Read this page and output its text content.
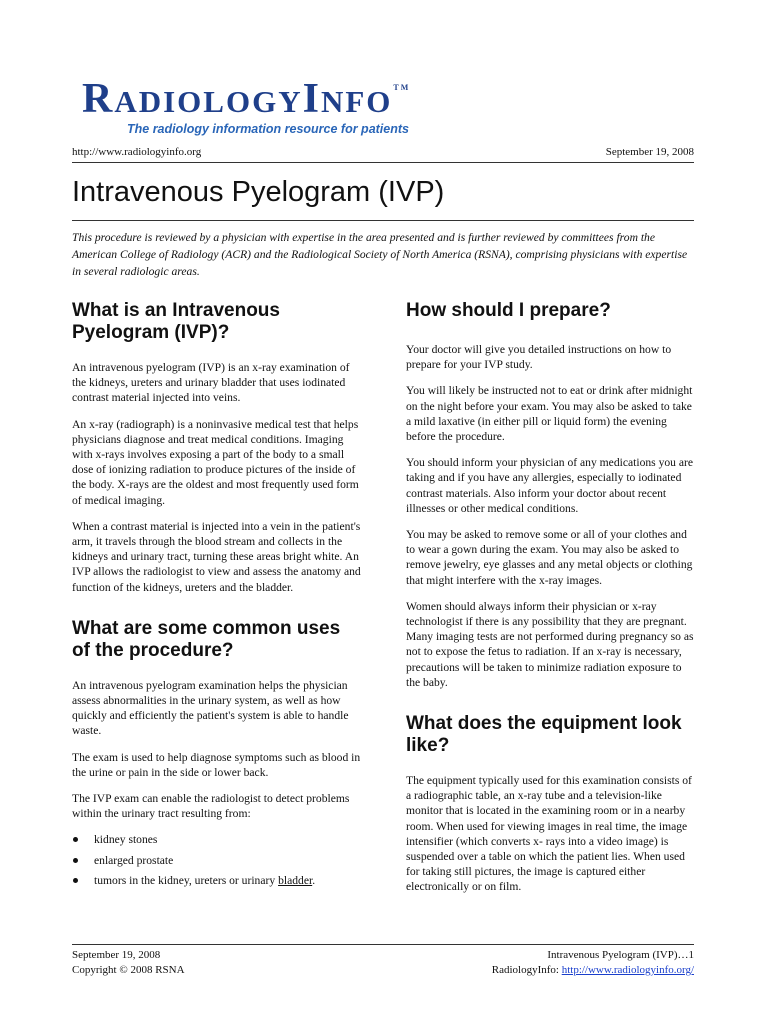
RADIOLOGYINFO™
The radiology information resource for patients
http://www.radiologyinfo.org	September 19, 2008
Intravenous Pyelogram (IVP)

This procedure is reviewed by a physician with expertise in the area presented and is further reviewed by committees from the American College of Radiology (ACR) and the Radiological Society of North America (RSNA), comprising physicians with expertise in several radiologic areas.

What is an Intravenous Pyelogram (IVP)?

An intravenous pyelogram (IVP) is an x-ray examination of the kidneys, ureters and urinary bladder that uses iodinated contrast material injected into veins.

An x-ray (radiograph) is a noninvasive medical test that helps physicians diagnose and treat medical conditions. Imaging with x-rays involves exposing a part of the body to a small dose of ionizing radiation to produce pictures of the inside of the body. X-rays are the oldest and most frequently used form of medical imaging.

When a contrast material is injected into a vein in the patient's arm, it travels through the blood stream and collects in the kidneys and urinary tract, turning these areas bright white. An IVP allows the radiologist to view and assess the anatomy and function of the kidneys, ureters and the bladder.

What are some common uses of the procedure?

An intravenous pyelogram examination helps the physician assess abnormalities in the urinary system, as well as how quickly and efficiently the patient's system is able to handle waste.

The exam is used to help diagnose symptoms such as blood in the urine or pain in the side or lower back.

The IVP exam can enable the radiologist to detect problems within the urinary tract resulting from:

kidney stones
enlarged prostate
tumors in the kidney, ureters or urinary bladder.
How should I prepare?

Your doctor will give you detailed instructions on how to prepare for your IVP study.

You will likely be instructed not to eat or drink after midnight on the night before your exam. You may also be asked to take a mild laxative (in either pill or liquid form) the evening before the procedure.

You should inform your physician of any medications you are taking and if you have any allergies, especially to iodinated contrast materials. Also inform your doctor about recent illnesses or other medical conditions.

You may be asked to remove some or all of your clothes and to wear a gown during the exam. You may also be asked to remove jewelry, eye glasses and any metal objects or clothing that might interfere with the x-ray images.

Women should always inform their physician or x-ray technologist if there is any possibility that they are pregnant. Many imaging tests are not performed during pregnancy so as not to expose the fetus to radiation. If an x-ray is necessary, precautions will be taken to minimize radiation exposure to the baby.

What does the equipment look like?

The equipment typically used for this examination consists of a radiographic table, an x-ray tube and a television-like monitor that is located in the examining room or in a nearby room. When used for viewing images in real time, the image intensifier (which converts x- rays into a video image) is suspended over a table on which the patient lies. When used for taking still pictures, the image is captured either electronically or on film.

September 19, 2008
Copyright © 2008 RSNA
Intravenous Pyelogram (IVP)…1
RadiologyInfo: http://www.radiologyinfo.org/
